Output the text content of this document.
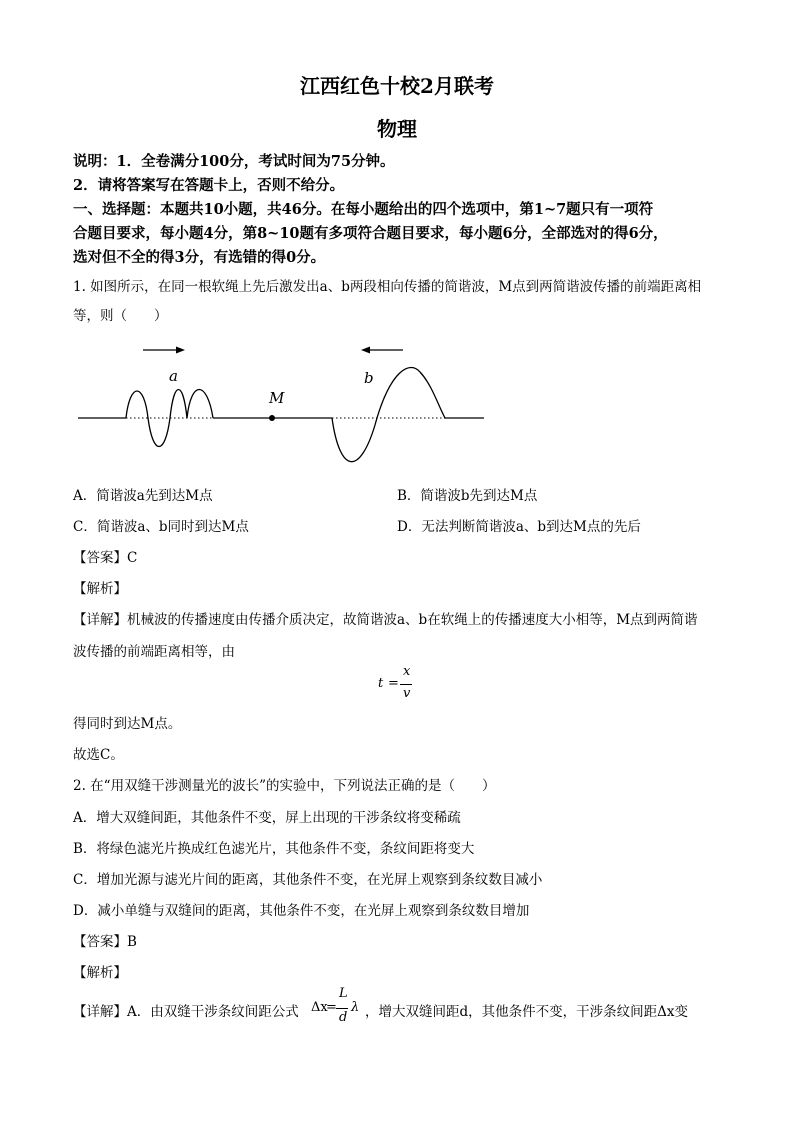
江西红色十校2月联考
物理
说明：1．全卷满分100分，考试时间为75分钟。
2．请将答案写在答题卡上，否则不给分。
一、选择题：本题共10小题，共46分。在每小题给出的四个选项中，第1~7题只有一项符
合题目要求，每小题4分，第8~10题有多项符合题目要求，每小题6分，全部选对的得6分，
选对但不全的得3分，有选错的得0分。
1. 如图所示，在同一根软绳上先后激发出a、b两段相向传播的简谐波，M点到两简谐波传播的前端距离相
等，则（　　）
M
a	b
A．简谐波a先到达M点	B．简谐波b先到达M点
C．简谐波a、b同时到达M点	D．无法判断简谐波a、b到达M点的先后
【答案】C
【解析】
【详解】机械波的传播速度由传播介质决定，故简谐波a、b在软绳上的传播速度大小相等，M点到两简谐
波传播的前端距离相等，由
t =
x
v
得同时到达M点。
故选C。
2. 在“用双缝干涉测量光的波长”的实验中，下列说法正确的是（　　）
A．增大双缝间距，其他条件不变，屏上出现的干涉条纹将变稀疏
B．将绿色滤光片换成红色滤光片，其他条件不变，条纹间距将变大
C．增加光源与滤光片间的距离，其他条件不变，在光屏上观察到条纹数目减小
D．减小单缝与双缝间的距离，其他条件不变，在光屏上观察到条纹数目增加
【答案】B
【解析】
【详解】A．由双缝干涉条纹间距公式 Δx
=
L
d
λ ，增大双缝间距d，其他条件不变，干涉条纹间距Δx变
